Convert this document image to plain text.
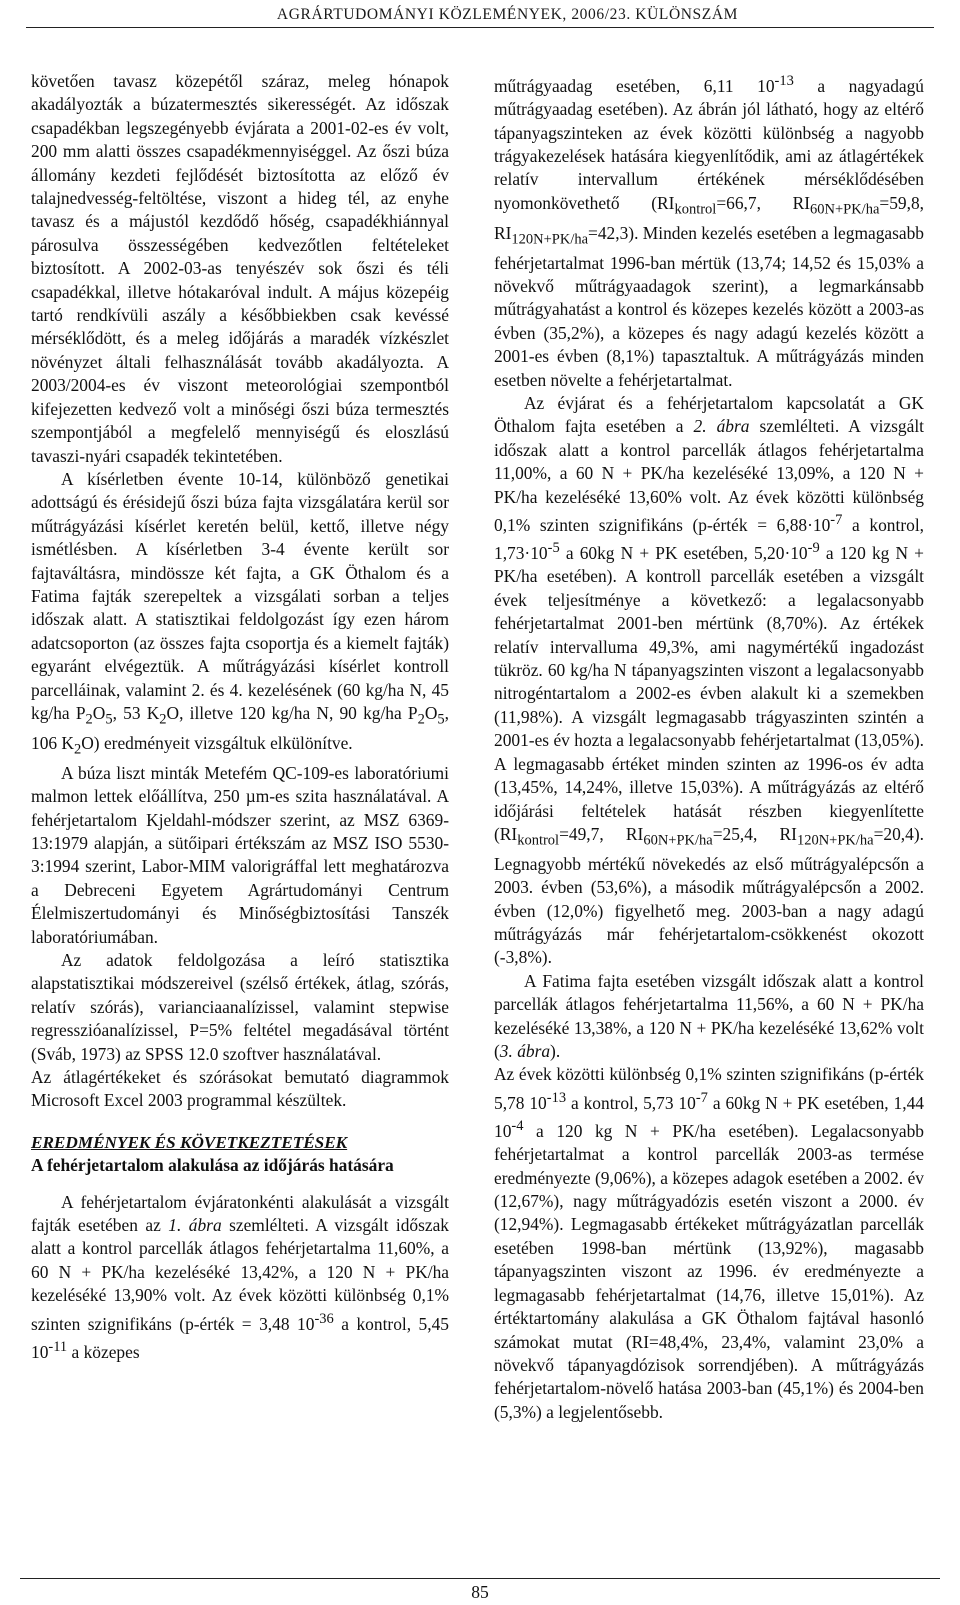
AGRÁRTUDOMÁNYI KÖZLEMÉNYEK, 2006/23. KÜLÖNSZÁM

követően tavasz közepétől száraz, meleg hónapok akadályozták a búzatermesztés sikerességét. Az időszak csapadékban legszegényebb évjárata a 2001-02-es év volt, 200 mm alatti összes csapadékmennyiséggel. Az őszi búza állomány kezdeti fejlődését biztosította az előző év talajnedvesség-feltöltése, viszont a hideg tél, az enyhe tavasz és a májustól kezdődő hőség, csapadékhiánnyal párosulva összességében kedvezőtlen feltételeket biztosított. A 2002-03-as tenyészév sok őszi és téli csapadékkal, illetve hótakaróval indult. A május közepéig tartó rendkívüli aszály a későbbiekben csak kevéssé mérséklődött, és a meleg időjárás a maradék vízkészlet növényzet általi felhasználását tovább akadályozta. A 2003/2004-es év viszont meteorológiai szempontból kifejezetten kedvező volt a minőségi őszi búza termesztés szempontjából a megfelelő mennyiségű és eloszlású tavaszi-nyári csapadék tekintetében.

A kísérletben évente 10-14, különböző genetikai adottságú és érésidejű őszi búza fajta vizsgálatára kerül sor műtrágyázási kísérlet keretén belül, kettő, illetve négy ismétlésben. A kísérletben 3-4 évente került sor fajtaváltásra, mindössze két fajta, a GK Öthalom és a Fatima fajták szerepeltek a vizsgálati sorban a teljes időszak alatt. A statisztikai feldolgozást így ezen három adatcsoporton (az összes fajta csoportja és a kiemelt fajták) egyaránt elvégeztük. A műtrágyázási kísérlet kontroll parcelláinak, valamint 2. és 4. kezelésének (60 kg/ha N, 45 kg/ha $P_2O_5$, 53 $K_2O$, illetve 120 kg/ha N, 90 kg/ha $P_2O_5$, 106 $K_2O$) eredményeit vizsgáltuk elkülönítve.

A búza liszt minták Metefém QC-109-es laboratóriumi malmon lettek előállítva, 250 µm-es szita használatával. A fehérjetartalom Kjeldahl-módszer szerint, az MSZ 6369-13:1979 alapján, a sütőipari értékszám az MSZ ISO 5530-3:1994 szerint, Labor-MIM valorigráffal lett meghatározva a Debreceni Egyetem Agrártudományi Centrum Élelmiszertudományi és Minőségbiztosítási Tanszék laboratóriumában.

Az adatok feldolgozása a leíró statisztika alapstatisztikai módszereivel (szélső értékek, átlag, szórás, relatív szórás), varianciaanalízissel, valamint stepwise regresszióanalízissel, P=5% feltétel megadásával történt (Sváb, 1973) az SPSS 12.0 szoftver használatával.

Az átlagértékeket és szórásokat bemutató diagrammok Microsoft Excel 2003 programmal készültek.

EREDMÉNYEK ÉS KÖVETKEZTETÉSEK

A fehérjetartalom alakulása az időjárás hatására

A fehérjetartalom évjáratonkénti alakulását a vizsgált fajták esetében az 1. ábra szemlélteti. A vizsgált időszak alatt a kontrol parcellák átlagos fehérjetartalma 11,60%, a 60 N + PK/ha kezeléséké 13,42%, a 120 N + PK/ha kezeléséké 13,90% volt. Az évek közötti különbség 0,1% szinten szignifikáns (p-érték = 3,48 $10^{-36}$ a kontrol, 5,45 $10^{-11}$ a közepes

műtrágyaadag esetében, 6,11 $10^{-13}$ a nagyadagú műtrágyaadag esetében). Az ábrán jól látható, hogy az eltérő tápanyagszinteken az évek közötti különbség a nagyobb trágyakezelések hatására kiegyenlítődik, ami az átlagértékek relatív intervallum értékének mérséklődésében nyomonkövethető ($RI_{kontrol}=66,7$, $RI_{60N+PK/ha}=59,8$, $RI_{120N+PK/ha}=42,3$). Minden kezelés esetében a legmagasabb fehérjetartalmat 1996-ban mértük (13,74; 14,52 és 15,03% a növekvő műtrágyaadagok szerint), a legmarkánsabb műtrágyahatást a kontrol és közepes kezelés között a 2003-as évben (35,2%), a közepes és nagy adagú kezelés között a 2001-es évben (8,1%) tapasztaltuk. A műtrágyázás minden esetben növelte a fehérjetartalmat.

Az évjárat és a fehérjetartalom kapcsolatát a GK Öthalom fajta esetében a 2. ábra szemlélteti. A vizsgált időszak alatt a kontrol parcellák átlagos fehérjetartalma 11,00%, a 60 N + PK/ha kezeléséké 13,09%, a 120 N + PK/ha kezeléséké 13,60% volt. Az évek közötti különbség 0,1% szinten szignifikáns (p-érték = $6,88\cdot 10^{-7}$ a kontrol, $1,73\cdot 10^{-5}$ a 60kg N + PK esetében, $5,20\cdot 10^{-9}$ a 120 kg N + PK/ha esetében). A kontroll parcellák esetében a vizsgált évek teljesítménye a következő: a legalacsonyabb fehérjetartalmat 2001-ben mértünk (8,70%). Az értékek relatív intervalluma 49,3%, ami nagymértékű ingadozást tükröz. 60 kg/ha N tápanyagszinten viszont a legalacsonyabb nitrogéntartalom a 2002-es évben alakult ki a szemekben (11,98%). A vizsgált legmagasabb trágyaszinten szintén a 2001-es év hozta a legalacsonyabb fehérjetartalmat (13,05%). A legmagasabb értéket minden szinten az 1996-os év adta (13,45%, 14,24%, illetve 15,03%). A műtrágyázás az eltérő időjárási feltételek hatását részben kiegyenlítette ($RI_{kontrol}=49,7$, $RI_{60N+PK/ha}=25,4$, $RI_{120N+PK/ha}=20,4$). Legnagyobb mértékű növekedés az első műtrágyalépcsőn a 2003. évben (53,6%), a második műtrágyalépcsőn a 2002. évben (12,0%) figyelhető meg. 2003-ban a nagy adagú műtrágyázás már fehérjetartalom-csökkenést okozott (-3,8%).

A Fatima fajta esetében vizsgált időszak alatt a kontrol parcellák átlagos fehérjetartalma 11,56%, a 60 N + PK/ha kezeléséké 13,38%, a 120 N + PK/ha kezeléséké 13,62% volt (3. ábra).

Az évek közötti különbség 0,1% szinten szignifikáns (p-érték 5,78 $10^{-13}$ a kontrol, 5,73 $10^{-7}$ a 60kg N + PK esetében, 1,44 $10^{-4}$ a 120 kg N + PK/ha esetében). Legalacsonyabb fehérjetartalmat a kontrol parcellák 2003-as termése eredményezte (9,06%), a közepes adagok esetében a 2002. év (12,67%), nagy műtrágyadózis esetén viszont a 2000. év (12,94%). Legmagasabb értékeket műtrágyázatlan parcellák esetében 1998-ban mértünk (13,92%), magasabb tápanyagszinten viszont az 1996. év eredményezte a legmagasabb fehérjetartalmat (14,76, illetve 15,01%). Az értéktartomány alakulása a GK Öthalom fajtával hasonló számokat mutat (RI=48,4%, 23,4%, valamint 23,0% a növekvő tápanyagdózisok sorrendjében). A műtrágyázás fehérjetartalom-növelő hatása 2003-ban (45,1%) és 2004-ben (5,3%) a legjelentősebb.

85
